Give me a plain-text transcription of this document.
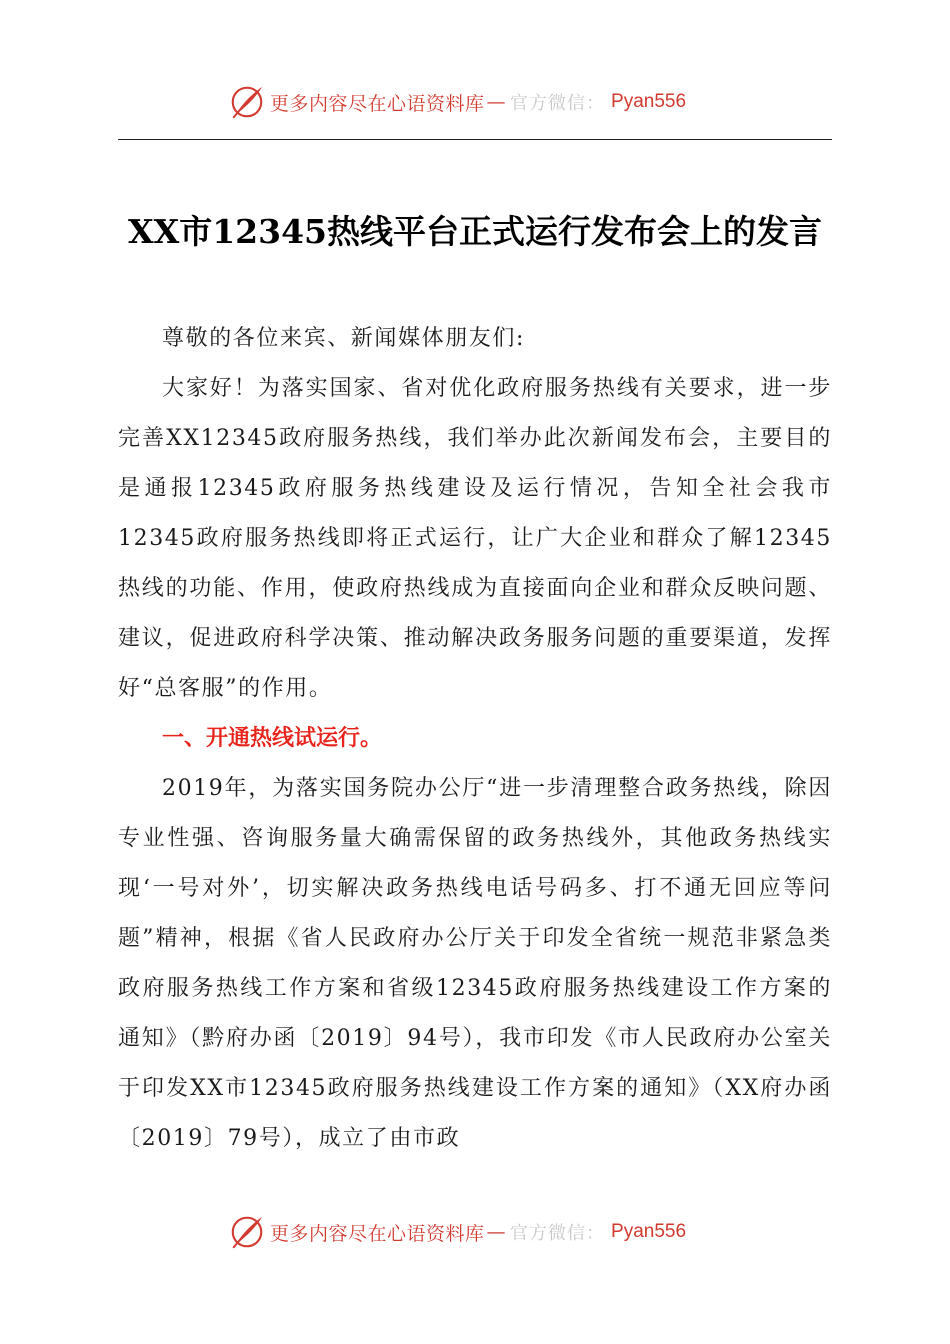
更多内容尽在心语资料库 — 官方微信： Pyan556
XX市12345热线平台正式运行发布会上的发言

尊敬的各位来宾、新闻媒体朋友们:

大家好！为落实国家、省对优化政府服务热线有关要求，进一步完善XX12345政府服务热线，我们举办此次新闻发布会，主要目的是通报12345政府服务热线建设及运行情况，告知全社会我市12345政府服务热线即将正式运行，让广大企业和群众了解12345热线的功能、作用，使政府热线成为直接面向企业和群众反映问题、建议，促进政府科学决策、推动解决政务服务问题的重要渠道，发挥好“总客服”的作用。

一、开通热线试运行。

2019年，为落实国务院办公厅“进一步清理整合政务热线，除因专业性强、咨询服务量大确需保留的政务热线外，其他政务热线实现‘一号对外’，切实解决政务热线电话号码多、打不通无回应等问题”精神，根据《省人民政府办公厅关于印发全省统一规范非紧急类政府服务热线工作方案和省级12345政府服务热线建设工作方案的通知》（黔府办函〔2019〕94号），我市印发《市人民政府办公室关于印发XX市12345政府服务热线建设工作方案的通知》（XX府办函〔2019〕79号），成立了由市政

更多内容尽在心语资料库 — 官方微信： Pyan556
